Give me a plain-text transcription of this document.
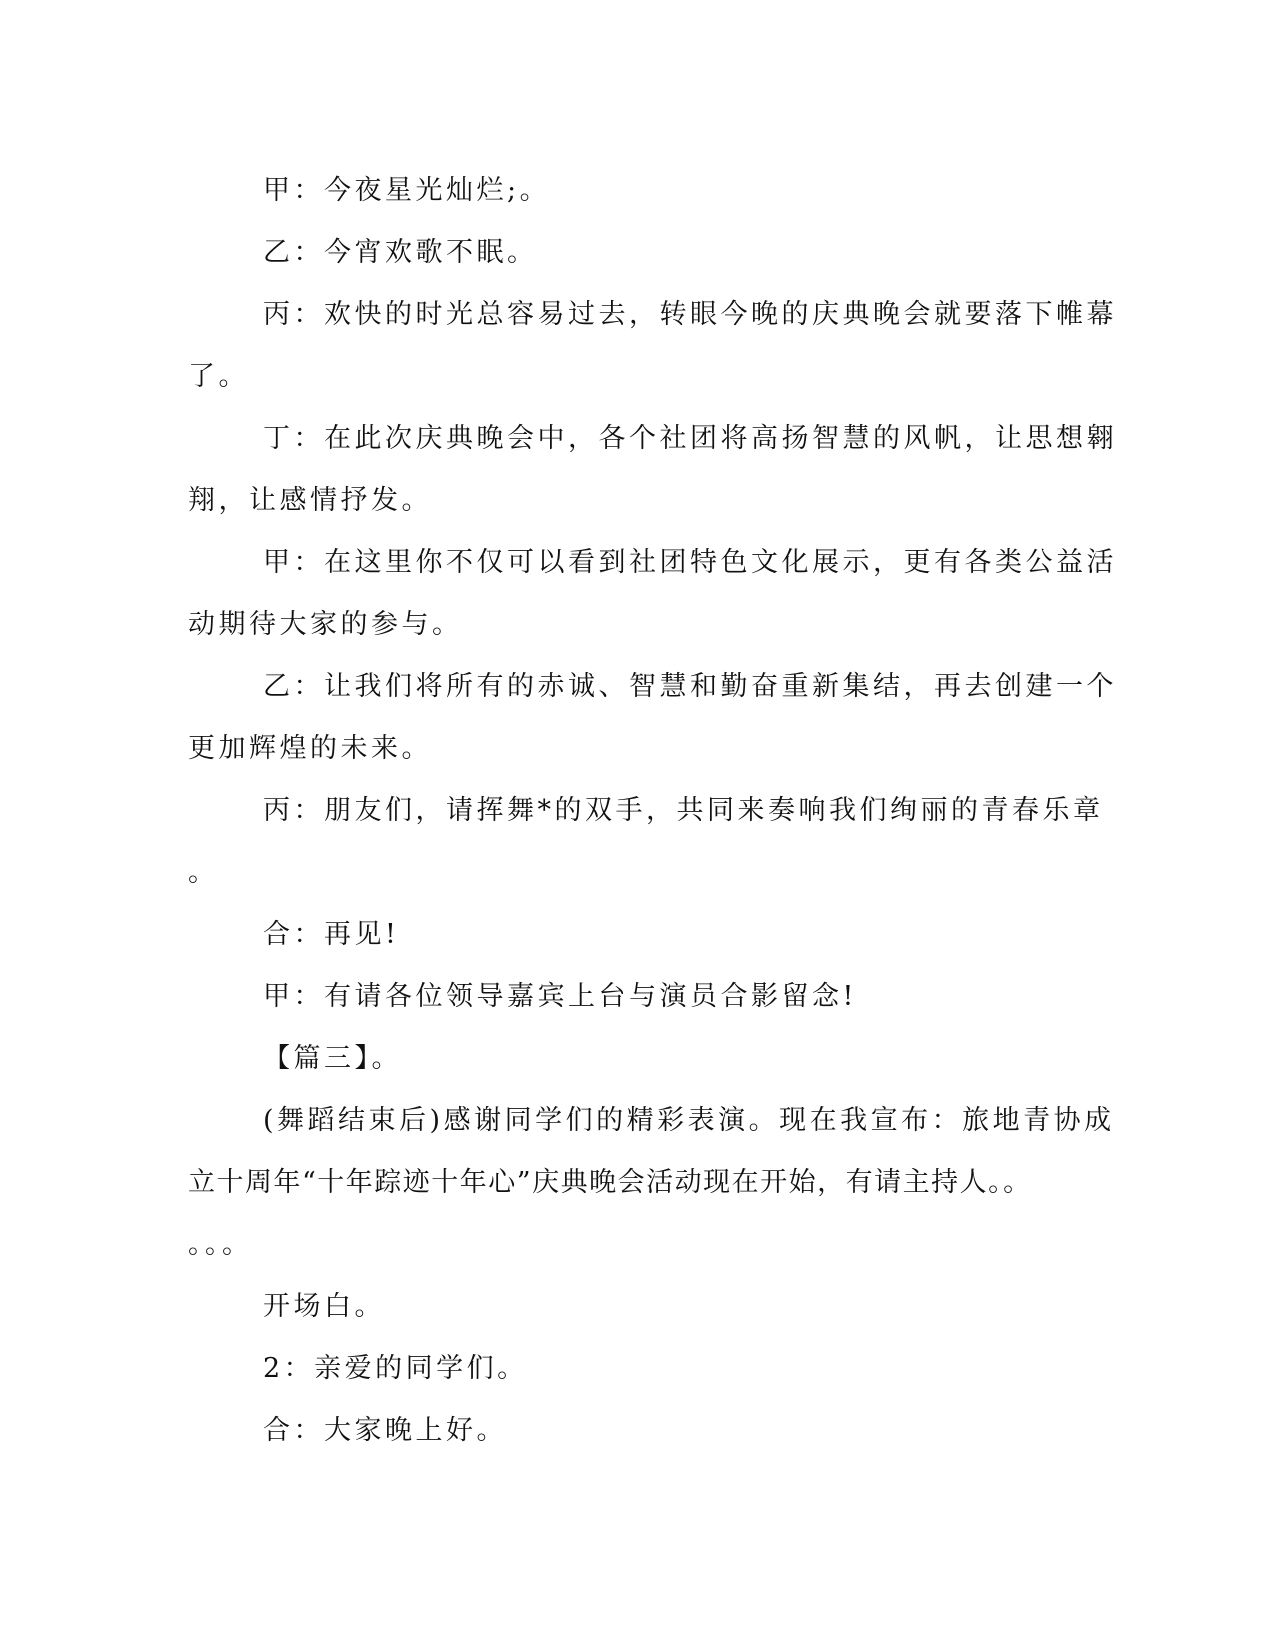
甲：今夜星光灿烂;。
乙：今宵欢歌不眠。
丙：欢快的时光总容易过去，转眼今晚的庆典晚会就要落下帷幕
了。
丁：在此次庆典晚会中，各个社团将高扬智慧的风帆，让思想翱
翔，让感情抒发。
甲：在这里你不仅可以看到社团特色文化展示，更有各类公益活
动期待大家的参与。
乙：让我们将所有的赤诚、智慧和勤奋重新集结，再去创建一个
更加辉煌的未来。
丙：朋友们，请挥舞*的双手，共同来奏响我们绚丽的青春乐章
。
合：再见!
甲：有请各位领导嘉宾上台与演员合影留念!
【篇三】。
(舞蹈结束后)感谢同学们的精彩表演。现在我宣布：旅地青协成
立十周年“十年踪迹十年心”庆典晚会活动现在开始，有请主持人。。
。。。
开场白。
2：亲爱的同学们。
合：大家晚上好。
